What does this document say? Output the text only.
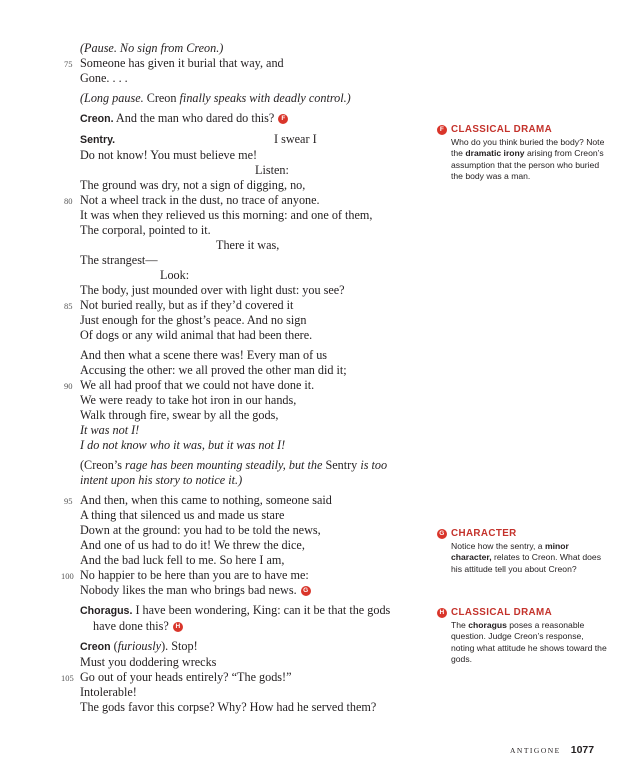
(Pause. No sign from Creon.)
75 Someone has given it burial that way, and
Gone. . . .
(Long pause. Creon finally speaks with deadly control.)
Creon. And the man who dared do this? F
Sentry.	I swear I
Do not know! You must believe me!
Listen:
The ground was dry, not a sign of digging, no,
80 Not a wheel track in the dust, no trace of anyone.
It was when they relieved us this morning: and one of them,
The corporal, pointed to it.
There it was,
The strangest—
Look:
The body, just mounded over with light dust: you see?
85 Not buried really, but as if they’d covered it
Just enough for the ghost’s peace. And no sign
Of dogs or any wild animal that had been there.
And then what a scene there was! Every man of us
Accusing the other: we all proved the other man did it;
90 We all had proof that we could not have done it.
We were ready to take hot iron in our hands,
Walk through fire, swear by all the gods,
It was not I!
I do not know who it was, but it was not I!
(Creon’s rage has been mounting steadily, but the Sentry is too
intent upon his story to notice it.)
95 And then, when this came to nothing, someone said
A thing that silenced us and made us stare
Down at the ground: you had to be told the news,
And one of us had to do it! We threw the dice,
And the bad luck fell to me. So here I am,
100 No happier to be here than you are to have me:
Nobody likes the man who brings bad news. G
Choragus. I have been wondering, King: can it be that the gods
have done this? H
Creon (furiously). Stop!
Must you doddering wrecks
105 Go out of your heads entirely? “The gods!”
Intolerable!
The gods favor this corpse? Why? How had he served them?
F CLASSICAL DRAMA
Who do you think buried the body? Note the dramatic irony arising from Creon’s assumption that the person who buried the body was a man.
G CHARACTER
Notice how the sentry, a minor character, relates to Creon. What does his attitude tell you about Creon?
H CLASSICAL DRAMA
The choragus poses a reasonable question. Judge Creon’s response, noting what attitude he shows toward the gods.
ANTIGONE 1077
